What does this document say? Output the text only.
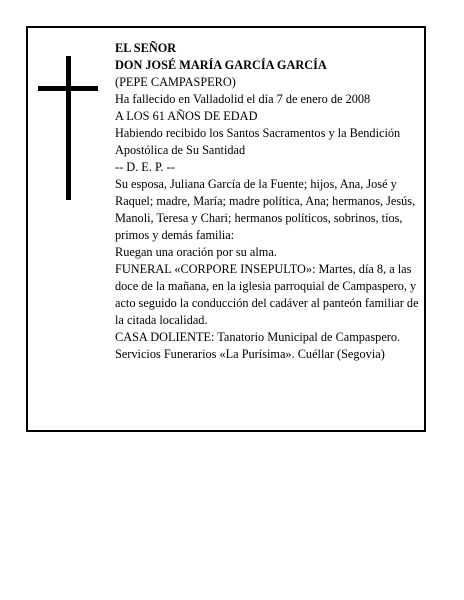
EL SEÑOR
DON JOSÉ MARÍA GARCÍA GARCÍA
(PEPE CAMPASPERO)
Ha fallecido en Valladolid el día 7 de enero de 2008
A LOS 61 AÑOS DE EDAD
Habiendo recibido los Santos Sacramentos y la Bendición Apostólica de Su Santidad
-- D. E. P. --
Su esposa, Juliana García de la Fuente; hijos, Ana, José y Raquel; madre, María; madre política, Ana; hermanos, Jesús, Manoli, Teresa y Chari; hermanos políticos, sobrinos, tíos, primos y demás familia:
Ruegan una oración por su alma.
FUNERAL «CORPORE INSEPULTO»: Martes, día 8, a las doce de la mañana, en la iglesia parroquial de Campaspero, y acto seguido la conducción del cadáver al panteón familiar de la citada localidad.
CASA DOLIENTE: Tanatorio Municipal de Campaspero.
Servicios Funerarios «La Purísima». Cuéllar (Segovia)
